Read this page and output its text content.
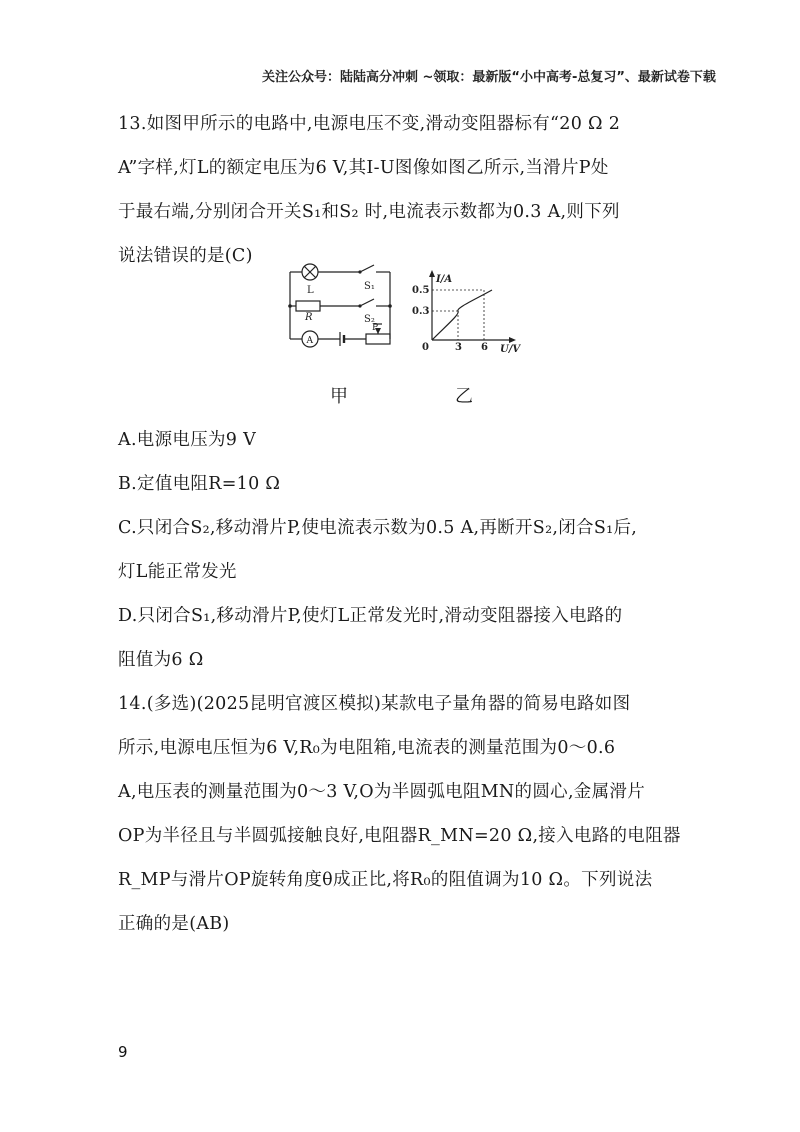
关注公众号：陆陆高分冲刺 ~领取：最新版“小中高考-总复习”、最新试卷下载
13.如图甲所示的电路中,电源电压不变,滑动变阻器标有“20 Ω 2
A”字样,灯L的额定电压为6 V,其I-U图像如图乙所示,当滑片P处
于最右端,分别闭合开关S₁和S₂ 时,电流表示数都为0.3 A,则下列
说法错误的是(C)
L
R
S₁
S₂
A
P
I/A
U/V
0
0.5
0.3
3 6
甲	乙
A.电源电压为9 V
B.定值电阻R=10 Ω
C.只闭合S₂,移动滑片P,使电流表示数为0.5 A,再断开S₂,闭合S₁后,
灯L能正常发光
D.只闭合S₁,移动滑片P,使灯L正常发光时,滑动变阻器接入电路的
阻值为6 Ω
14.(多选)(2025昆明官渡区模拟)某款电子量角器的简易电路如图
所示,电源电压恒为6 V,R₀为电阻箱,电流表的测量范围为0～0.6
A,电压表的测量范围为0～3 V,O为半圆弧电阻MN的圆心,金属滑片
OP为半径且与半圆弧接触良好,电阻器R_MN=20 Ω,接入电路的电阻器
R_MP与滑片OP旋转角度θ成正比,将R₀的阻值调为10 Ω。下列说法
正确的是(AB)
9
